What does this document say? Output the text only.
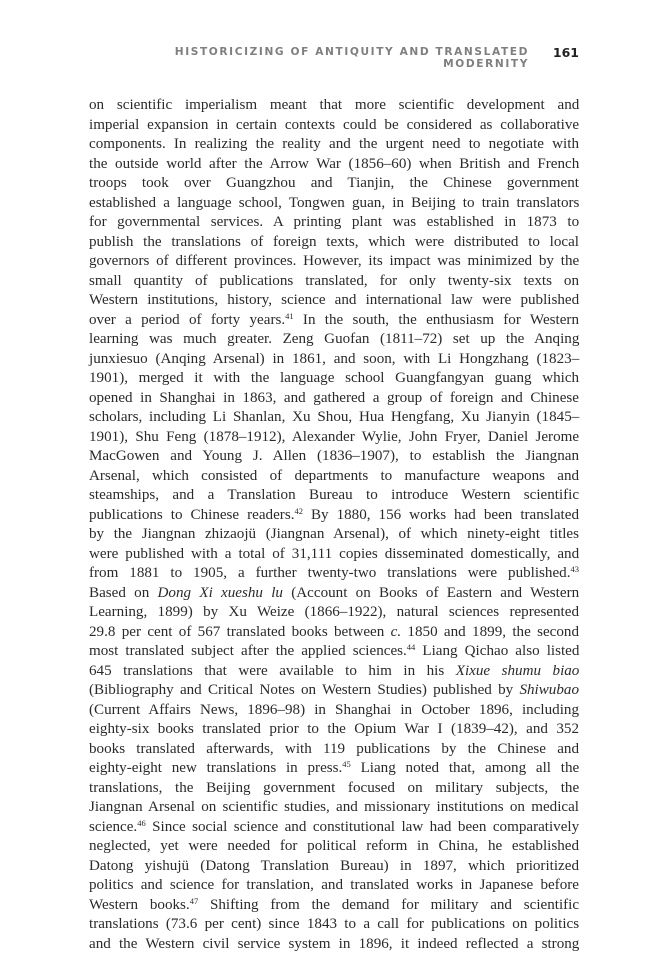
HISTORICIZING OF ANTIQUITY AND TRANSLATED MODERNITY
161
on scientific imperialism meant that more scientific development and
imperial expansion in certain contexts could be considered as collaborative
components. In realizing the reality and the urgent need to negotiate with
the outside world after the Arrow War (1856–60) when British and French
troops took over Guangzhou and Tianjin, the Chinese government
established a language school, Tongwen guan, in Beijing to train translators
for governmental services. A printing plant was established in 1873 to
publish the translations of foreign texts, which were distributed to local
governors of different provinces. However, its impact was minimized by the
small quantity of publications translated, for only twenty-six texts on
Western institutions, history, science and international law were published
over a period of forty years.$^{41}$ In the south, the enthusiasm for Western
learning was much greater. Zeng Guofan (1811–72) set up the Anqing
junxiesuo (Anqing Arsenal) in 1861, and soon, with Li Hongzhang (1823–
1901), merged it with the language school Guangfangyan guang which
opened in Shanghai in 1863, and gathered a group of foreign and Chinese
scholars, including Li Shanlan, Xu Shou, Hua Hengfang, Xu Jianyin (1845–
1901), Shu Feng (1878–1912), Alexander Wylie, John Fryer, Daniel Jerome
MacGowen and Young J. Allen (1836–1907), to establish the Jiangnan
Arsenal, which consisted of departments to manufacture weapons and
steamships, and a Translation Bureau to introduce Western scientific
publications to Chinese readers.$^{42}$ By 1880, 156 works had been translated
by the Jiangnan zhizaojü (Jiangnan Arsenal), of which ninety-eight titles
were published with a total of 31,111 copies disseminated domestically, and
from 1881 to 1905, a further twenty-two translations were published.$^{43}$
Based on Dong Xi xueshu lu (Account on Books of Eastern and Western
Learning, 1899) by Xu Weize (1866–1922), natural sciences represented
29.8 per cent of 567 translated books between c. 1850 and 1899, the second
most translated subject after the applied sciences.$^{44}$ Liang Qichao also listed
645 translations that were available to him in his Xixue shumu biao
(Bibliography and Critical Notes on Western Studies) published by Shiwubao
(Current Affairs News, 1896–98) in Shanghai in October 1896, including
eighty-six books translated prior to the Opium War I (1839–42), and 352
books translated afterwards, with 119 publications by the Chinese and
eighty-eight new translations in press.$^{45}$ Liang noted that, among all the
translations, the Beijing government focused on military subjects, the
Jiangnan Arsenal on scientific studies, and missionary institutions on medical
science.$^{46}$ Since social science and constitutional law had been comparatively
neglected, yet were needed for political reform in China, he established
Datong yishujü (Datong Translation Bureau) in 1897, which prioritized
politics and science for translation, and translated works in Japanese before
Western books.$^{47}$ Shifting from the demand for military and scientific
translations (73.6 per cent) since 1843 to a call for publications on politics
and the Western civil service system in 1896, it indeed reflected a strong
